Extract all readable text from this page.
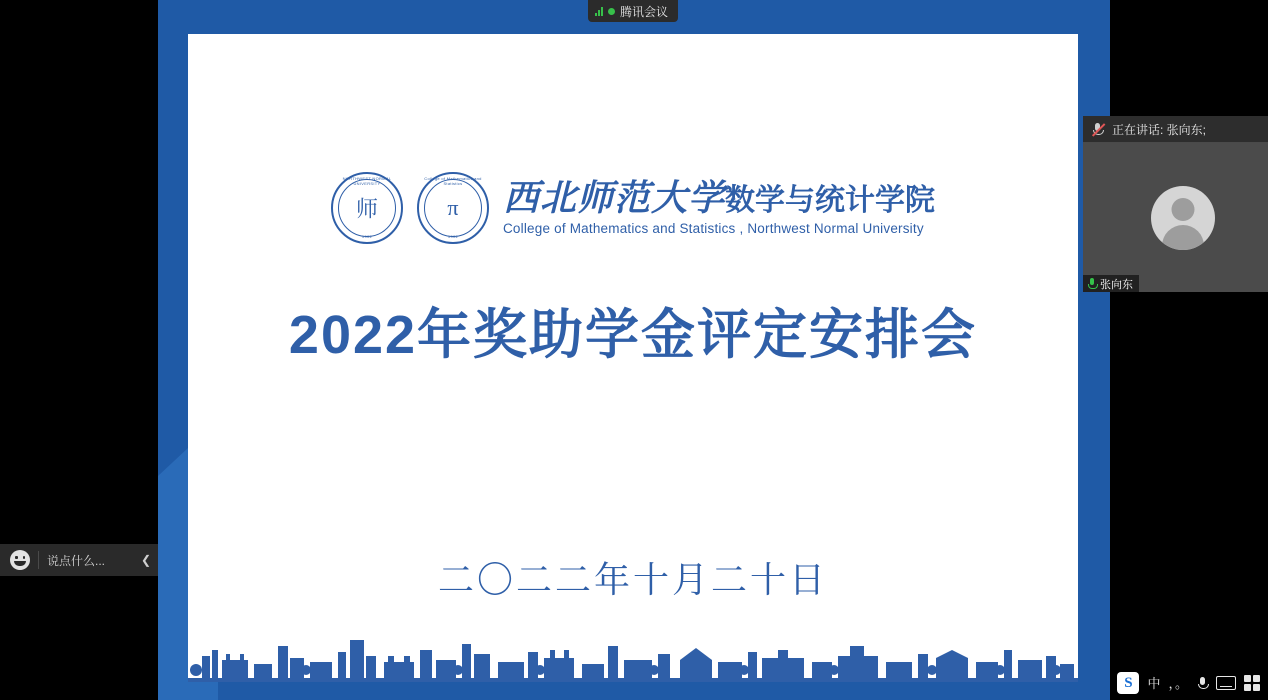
NORTHWEST NORMAL UNIVERSITY
师
1902
College of Mathematics and Statistics
π
1902
西北师范大学数学与统计学院
College of Mathematics and Statistics , Northwest Normal University
2022年奖助学金评定安排会
二〇二二年十月二十日
腾讯会议
正在讲话: 张向东;
张向东
说点什么...	❮
S	中 ，。
